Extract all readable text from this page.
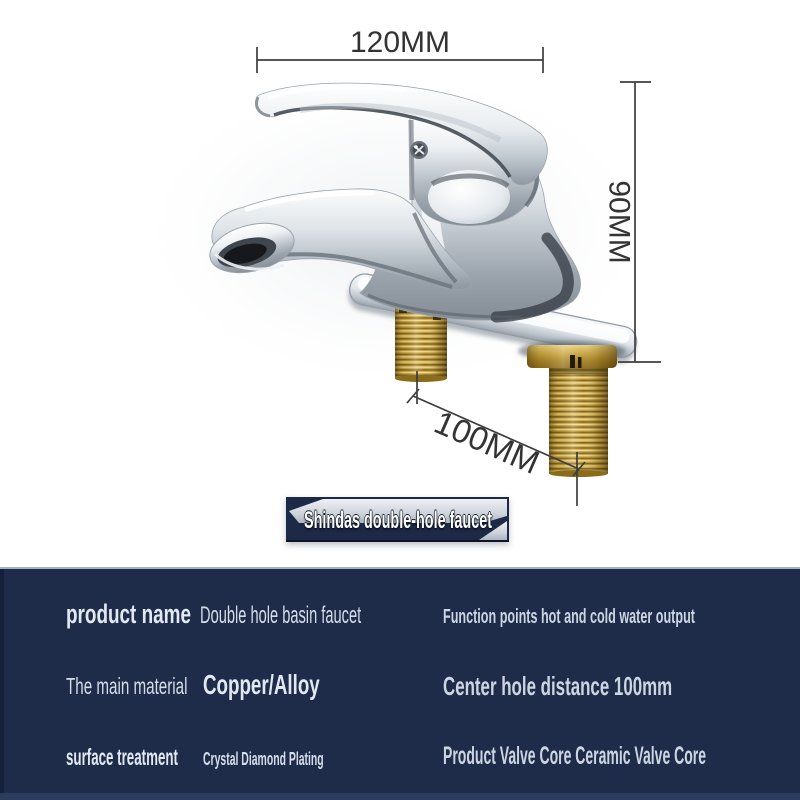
120MM
90MM
100MM
Shindas double-hole faucet
product name Double hole basin faucet	Function points hot and cold water output
The main material Copper/Alloy	Center hole distance 100mm
surface treatment Crystal Diamond Plating	Product Valve Core Ceramic Valve Core
